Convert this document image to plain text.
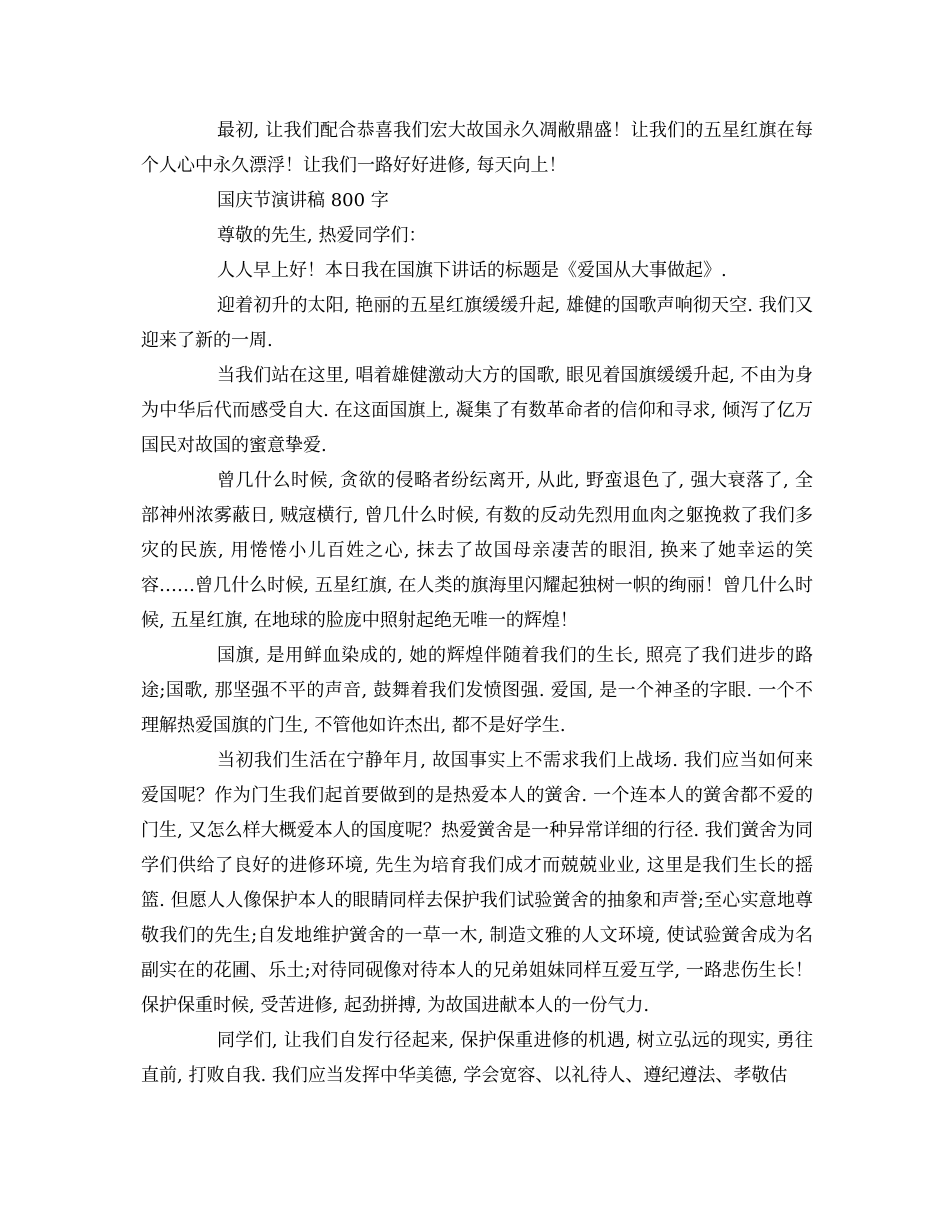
最初, 让我们配合恭喜我们宏大故国永久凋敝鼎盛！让我们的五星红旗在每个人心中永久漂浮！让我们一路好好进修, 每天向上！

国庆节演讲稿 800 字

尊敬的先生, 热爱同学们：

人人早上好！本日我在国旗下讲话的标题是《爱国从大事做起》.

迎着初升的太阳, 艳丽的五星红旗缓缓升起, 雄健的国歌声响彻天空. 我们又迎来了新的一周.

当我们站在这里, 唱着雄健激动大方的国歌, 眼见着国旗缓缓升起, 不由为身为中华后代而感受自大. 在这面国旗上, 凝集了有数革命者的信仰和寻求, 倾泻了亿万国民对故国的蜜意挚爱.

曾几什么时候, 贪欲的侵略者纷纭离开, 从此, 野蛮退色了, 强大衰落了, 全部神州浓雾蔽日, 贼寇横行, 曾几什么时候, 有数的反动先烈用血肉之躯挽救了我们多灾的民族, 用惓惓小儿百姓之心, 抹去了故国母亲凄苦的眼泪, 换来了她幸运的笑容……曾几什么时候, 五星红旗, 在人类的旗海里闪耀起独树一帜的绚丽！曾几什么时候, 五星红旗, 在地球的脸庞中照射起绝无唯一的辉煌！

国旗, 是用鲜血染成的, 她的辉煌伴随着我们的生长, 照亮了我们进步的路途;国歌, 那坚强不平的声音, 鼓舞着我们发愤图强. 爱国, 是一个神圣的字眼. 一个不理解热爱国旗的门生, 不管他如许杰出, 都不是好学生.

当初我们生活在宁静年月, 故国事实上不需求我们上战场. 我们应当如何来爱国呢？作为门生我们起首要做到的是热爱本人的黉舍. 一个连本人的黉舍都不爱的门生, 又怎么样大概爱本人的国度呢？热爱黉舍是一种异常详细的行径. 我们黉舍为同学们供给了良好的进修环境, 先生为培育我们成才而兢兢业业, 这里是我们生长的摇篮. 但愿人人像保护本人的眼睛同样去保护我们试验黉舍的抽象和声誉;至心实意地尊敬我们的先生;自发地维护黉舍的一草一木, 制造文雅的人文环境, 使试验黉舍成为名副实在的花圃、乐土;对待同砚像对待本人的兄弟姐妹同样互爱互学, 一路悲伤生长！保护保重时候, 受苦进修, 起劲拼搏, 为故国进献本人的一份气力.

同学们, 让我们自发行径起来, 保护保重进修的机遇, 树立弘远的现实, 勇往直前, 打败自我. 我们应当发挥中华美德, 学会宽容、以礼待人、遵纪遵法、孝敬估
